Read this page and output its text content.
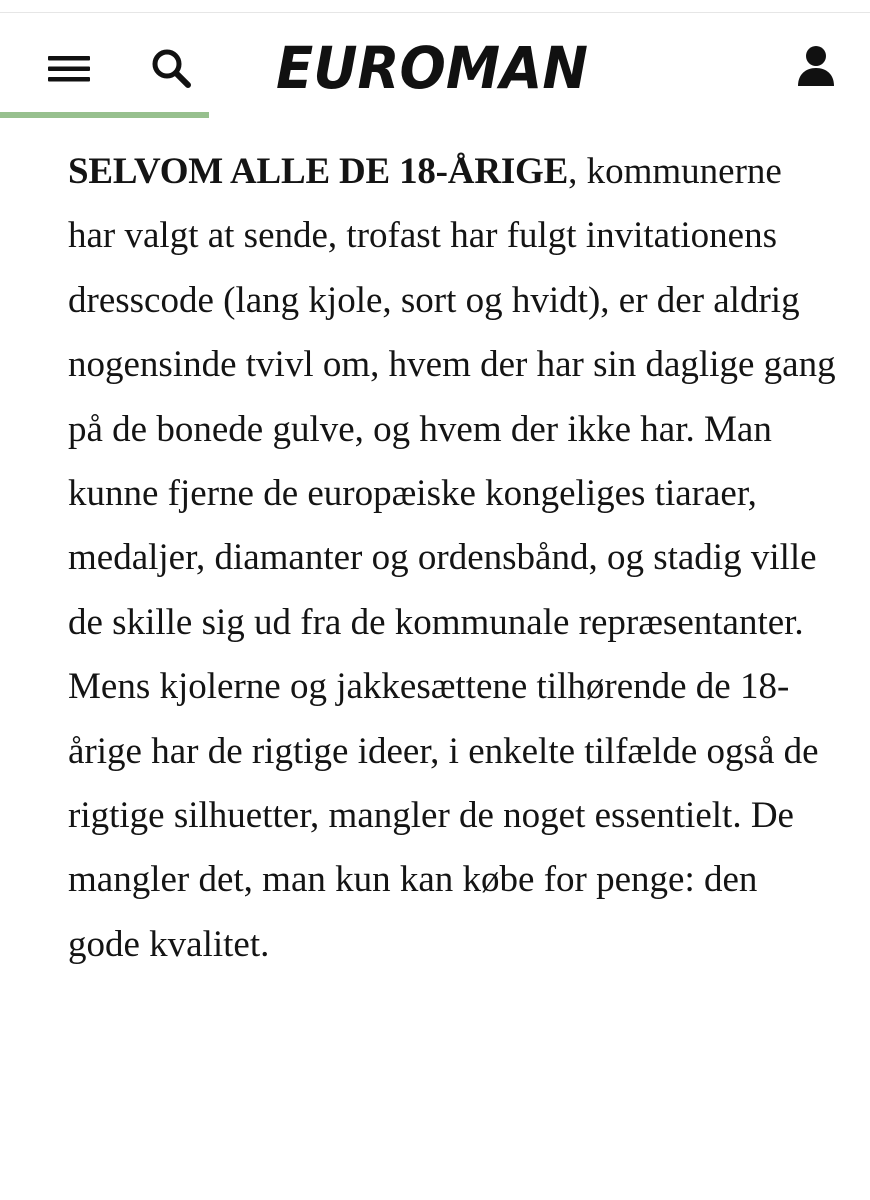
EUROMAN

SELVOM ALLE DE 18-ÅRIGE, kommunerne har valgt at sende, trofast har fulgt invitationens dresscode (lang kjole, sort og hvidt), er der aldrig nogensinde tvivl om, hvem der har sin daglige gang på de bonede gulve, og hvem der ikke har. Man kunne fjerne de europæiske kongeliges tiaraer, medaljer, diamanter og ordensbånd, og stadig ville de skille sig ud fra de kommunale repræsentanter. Mens kjolerne og jakkesættene tilhørende de 18-årige har de rigtige ideer, i enkelte tilfælde også de rigtige silhuetter, mangler de noget essentielt. De mangler det, man kun kan købe for penge: den gode kvalitet.
